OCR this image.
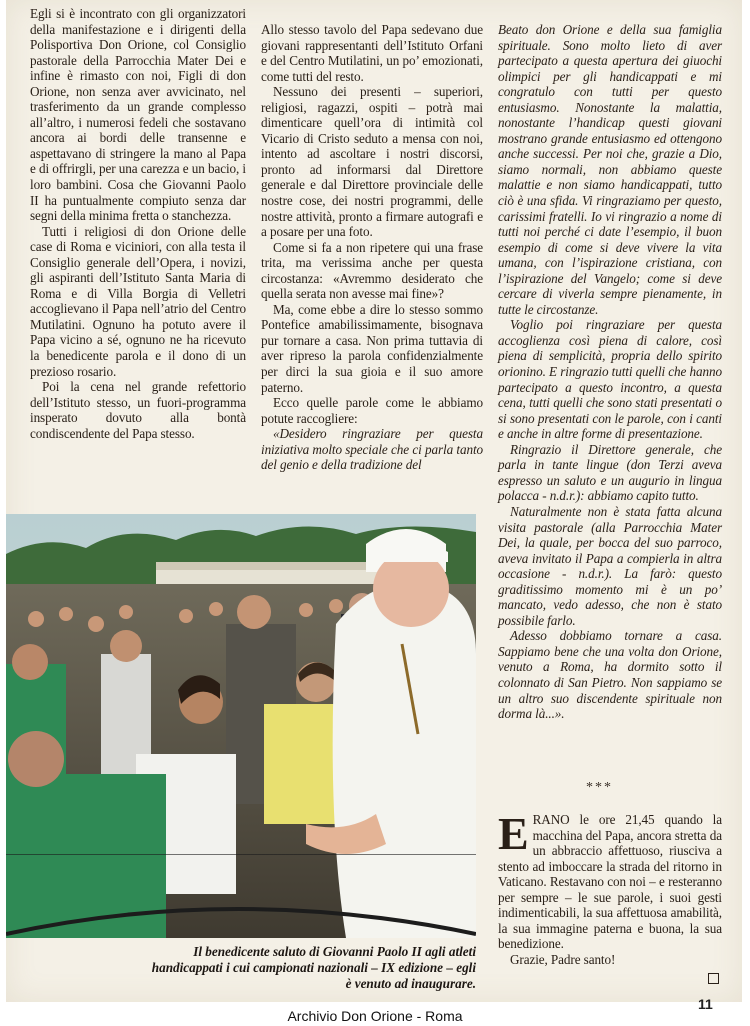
Egli si è incontrato con gli organizzatori della manifestazione e i dirigenti della Polisportiva Don Orione, col Consiglio pastorale della Parrocchia Mater Dei e infine è rimasto con noi, Figli di don Orione, non senza aver avvicinato, nel trasferimento da un grande complesso all’altro, i numerosi fedeli che sostavano ancora ai bordi delle transenne e aspettavano di stringere la mano al Papa e di offrirgli, per una carezza e un bacio, i loro bambini. Cosa che Giovanni Paolo II ha puntualmente compiuto senza dar segni della minima fretta o stanchezza.

Tutti i religiosi di don Orione delle case di Roma e viciniori, con alla testa il Consiglio generale dell’Opera, i novizi, gli aspiranti dell’Istituto Santa Maria di Roma e di Villa Borgia di Velletri accoglievano il Papa nell’atrio del Centro Mutilatini. Ognuno ha potuto avere il Papa vicino a sé, ognuno ne ha ricevuto la benedicente parola e il dono di un prezioso rosario.

Poi la cena nel grande refettorio dell’Istituto stesso, un fuori-programma insperato dovuto alla bontà condiscendente del Papa stesso.

Allo stesso tavolo del Papa sedevano due giovani rappresentanti dell’Istituto Orfani e del Centro Mutilatini, un po’ emozionati, come tutti del resto.

Nessuno dei presenti – superiori, religiosi, ragazzi, ospiti – potrà mai dimenticare quell’ora di intimità col Vicario di Cristo seduto a mensa con noi, intento ad ascoltare i nostri discorsi, pronto ad informarsi dal Direttore generale e dal Direttore provinciale delle nostre cose, dei nostri programmi, delle nostre attività, pronto a firmare autografi e a posare per una foto.

Come si fa a non ripetere qui una frase trita, ma verissima anche per questa circostanza: «Avremmo desiderato che quella serata non avesse mai fine»?

Ma, come ebbe a dire lo stesso sommo Pontefice amabilissimamente, bisognava pur tornare a casa. Non prima tuttavia di aver ripreso la parola confidenzialmente per dirci la sua gioia e il suo amore paterno.

Ecco quelle parole come le abbiamo potute raccogliere:

«Desidero ringraziare per questa iniziativa molto speciale che ci parla tanto del genio e della tradizione del

Beato don Orione e della sua famiglia spirituale. Sono molto lieto di aver partecipato a questa apertura dei giuochi olimpici per gli handicappati e mi congratulo con tutti per questo entusiasmo. Nonostante la malattia, nonostante l’handicap questi giovani mostrano grande entusiasmo ed ottengono anche successi. Per noi che, grazie a Dio, siamo normali, non abbiamo queste malattie e non siamo handicappati, tutto ciò è una sfida. Vi ringraziamo per questo, carissimi fratelli. Io vi ringrazio a nome di tutti noi perché ci date l’esempio, il buon esempio di come si deve vivere la vita umana, con l’ispirazione cristiana, con l’ispirazione del Vangelo; come si deve cercare di viverla sempre pienamente, in tutte le circostanze.

Voglio poi ringraziare per questa accoglienza così piena di calore, così piena di semplicità, propria dello spirito orionino. E ringrazio tutti quelli che hanno partecipato a questo incontro, a questa cena, tutti quelli che sono stati presentati o si sono presentati con le parole, con i canti e anche in altre forme di presentazione.

Ringrazio il Direttore generale, che parla in tante lingue (don Terzi aveva espresso un saluto e un augurio in lingua polacca - n.d.r.): abbiamo capito tutto.

Naturalmente non è stata fatta alcuna visita pastorale (alla Parrocchia Mater Dei, la quale, per bocca del suo parroco, aveva invitato il Papa a compierla in altra occasione - n.d.r.). La farò: questo graditissimo momento mi è un po’ mancato, vedo adesso, che non è stato possibile farlo.

Adesso dobbiamo tornare a casa. Sappiamo bene che una volta don Orione, venuto a Roma, ha dormito sotto il colonnato di San Pietro. Non sappiamo se un altro suo discendente spirituale non dorma là...».

***

ERANO le ore 21,45 quando la macchina del Papa, ancora stretta da un abbraccio affettuoso, riusciva a stento ad imboccare la strada del ritorno in Vaticano. Restavano con noi – e resteranno per sempre – le sue parole, i suoi gesti indimenticabili, la sua affettuosa amabilità, la sua immagine paterna e buona, la sua benedizione.

Grazie, Padre santo!

Il benedicente saluto di Giovanni Paolo II agli atleti handicappati i cui campionati nazionali – IX edizione – egli è venuto ad inaugurare.
11
Archivio Don Orione - Roma
